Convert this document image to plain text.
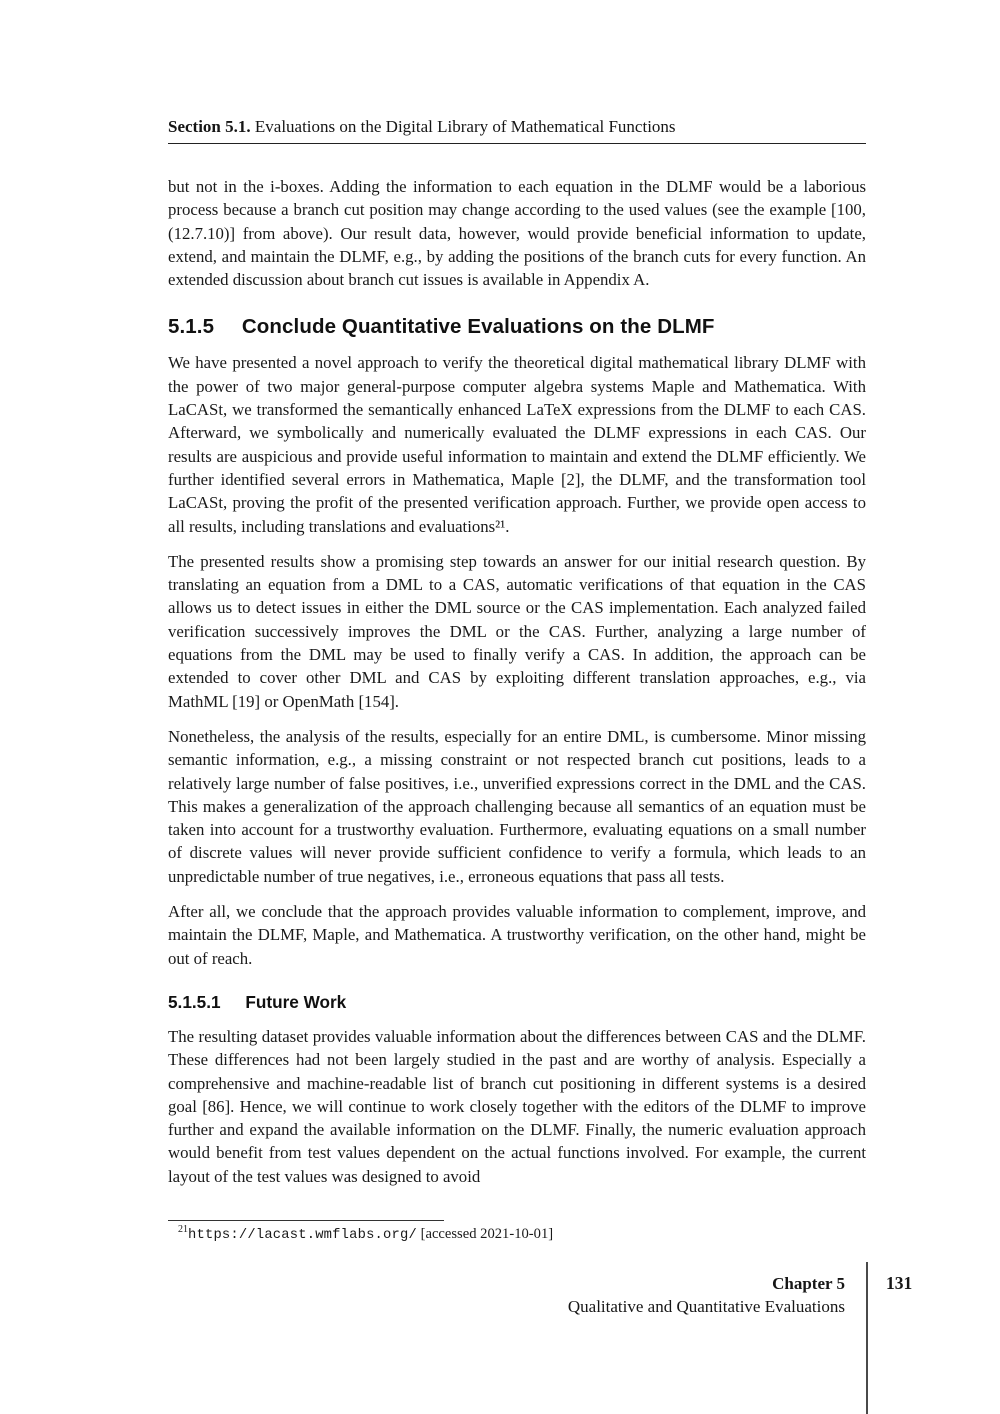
Section 5.1. Evaluations on the Digital Library of Mathematical Functions

but not in the i-boxes. Adding the information to each equation in the DLMF would be a laborious process because a branch cut position may change according to the used values (see the example [100, (12.7.10)] from above). Our result data, however, would provide beneficial information to update, extend, and maintain the DLMF, e.g., by adding the positions of the branch cuts for every function. An extended discussion about branch cut issues is available in Appendix A.

5.1.5 Conclude Quantitative Evaluations on the DLMF

We have presented a novel approach to verify the theoretical digital mathematical library DLMF with the power of two major general-purpose computer algebra systems Maple and Mathematica. With LaCASt, we transformed the semantically enhanced LaTeX expressions from the DLMF to each CAS. Afterward, we symbolically and numerically evaluated the DLMF expressions in each CAS. Our results are auspicious and provide useful information to maintain and extend the DLMF efficiently. We further identified several errors in Mathematica, Maple [2], the DLMF, and the transformation tool LaCASt, proving the profit of the presented verification approach. Further, we provide open access to all results, including translations and evaluations²¹.

The presented results show a promising step towards an answer for our initial research question. By translating an equation from a DML to a CAS, automatic verifications of that equation in the CAS allows us to detect issues in either the DML source or the CAS implementation. Each analyzed failed verification successively improves the DML or the CAS. Further, analyzing a large number of equations from the DML may be used to finally verify a CAS. In addition, the approach can be extended to cover other DML and CAS by exploiting different translation approaches, e.g., via MathML [19] or OpenMath [154].

Nonetheless, the analysis of the results, especially for an entire DML, is cumbersome. Minor missing semantic information, e.g., a missing constraint or not respected branch cut positions, leads to a relatively large number of false positives, i.e., unverified expressions correct in the DML and the CAS. This makes a generalization of the approach challenging because all semantics of an equation must be taken into account for a trustworthy evaluation. Furthermore, evaluating equations on a small number of discrete values will never provide sufficient confidence to verify a formula, which leads to an unpredictable number of true negatives, i.e., erroneous equations that pass all tests.

After all, we conclude that the approach provides valuable information to complement, improve, and maintain the DLMF, Maple, and Mathematica. A trustworthy verification, on the other hand, might be out of reach.

5.1.5.1 Future Work

The resulting dataset provides valuable information about the differences between CAS and the DLMF. These differences had not been largely studied in the past and are worthy of analysis. Especially a comprehensive and machine-readable list of branch cut positioning in different systems is a desired goal [86]. Hence, we will continue to work closely together with the editors of the DLMF to improve further and expand the available information on the DLMF. Finally, the numeric evaluation approach would benefit from test values dependent on the actual functions involved. For example, the current layout of the test values was designed to avoid

$^{21}$https://lacast.wmflabs.org/ [accessed 2021-10-01]
Chapter 5
Qualitative and Quantitative Evaluations
131
